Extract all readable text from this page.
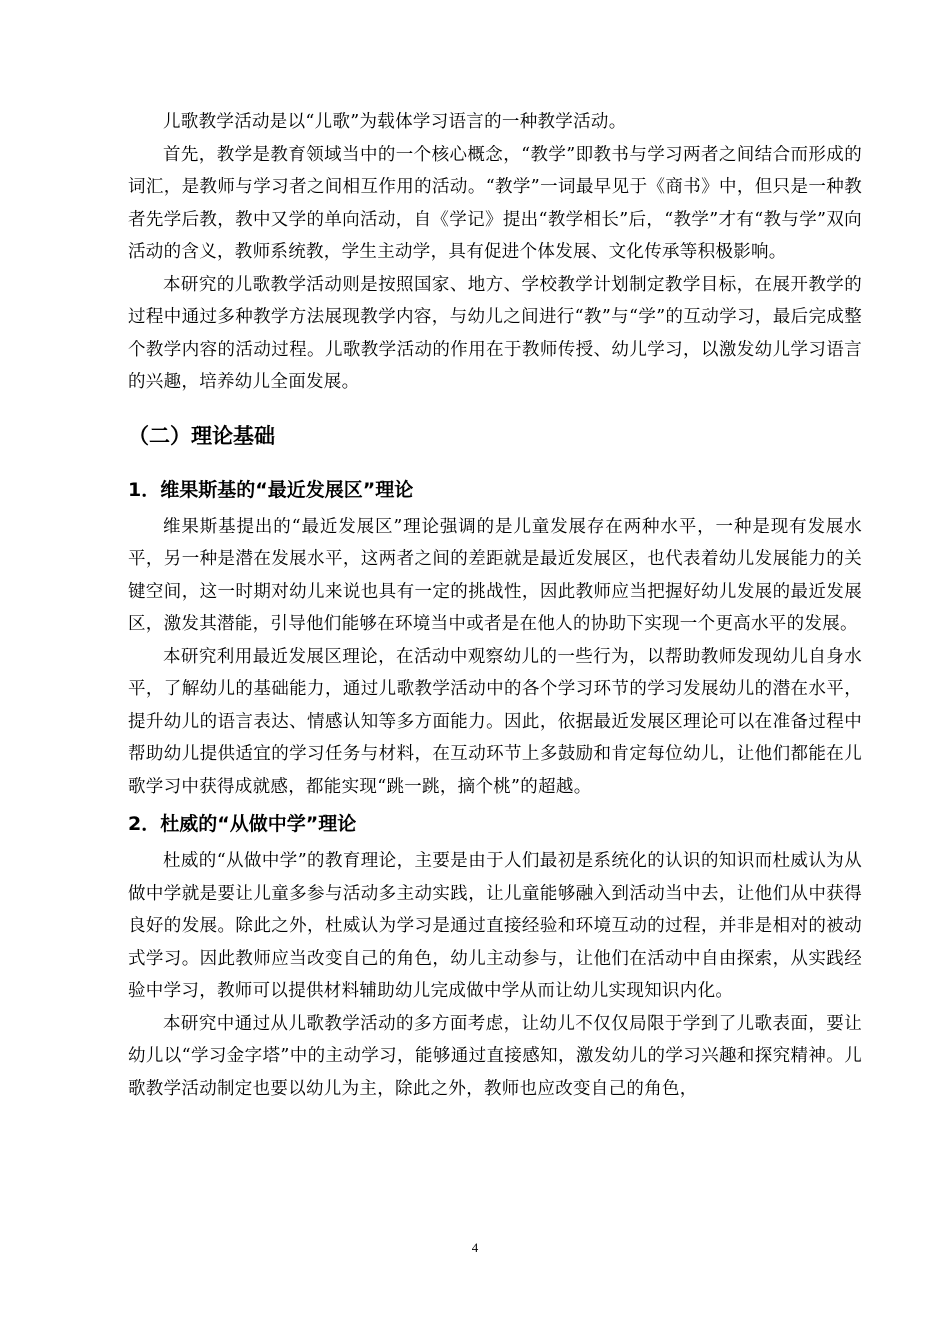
儿歌教学活动是以“儿歌”为载体学习语言的一种教学活动。

首先，教学是教育领域当中的一个核心概念，“教学”即教书与学习两者之间结合而形成的词汇，是教师与学习者之间相互作用的活动。“教学”一词最早见于《商书》中，但只是一种教者先学后教，教中又学的单向活动，自《学记》提出“教学相长”后，“教学”才有“教与学”双向活动的含义，教师系统教，学生主动学，具有促进个体发展、文化传承等积极影响。

本研究的儿歌教学活动则是按照国家、地方、学校教学计划制定教学目标，在展开教学的过程中通过多种教学方法展现教学内容，与幼儿之间进行“教”与“学”的互动学习，最后完成整个教学内容的活动过程。儿歌教学活动的作用在于教师传授、幼儿学习，以激发幼儿学习语言的兴趣，培养幼儿全面发展。

（二）理论基础
1．维果斯基的“最近发展区”理论

维果斯基提出的“最近发展区”理论强调的是儿童发展存在两种水平，一种是现有发展水平，另一种是潜在发展水平，这两者之间的差距就是最近发展区，也代表着幼儿发展能力的关键空间，这一时期对幼儿来说也具有一定的挑战性，因此教师应当把握好幼儿发展的最近发展区，激发其潜能，引导他们能够在环境当中或者是在他人的协助下实现一个更高水平的发展。

本研究利用最近发展区理论，在活动中观察幼儿的一些行为，以帮助教师发现幼儿自身水平，了解幼儿的基础能力，通过儿歌教学活动中的各个学习环节的学习发展幼儿的潜在水平，提升幼儿的语言表达、情感认知等多方面能力。因此，依据最近发展区理论可以在准备过程中帮助幼儿提供适宜的学习任务与材料，在互动环节上多鼓励和肯定每位幼儿，让他们都能在儿歌学习中获得成就感，都能实现“跳一跳，摘个桃”的超越。

2．杜威的“从做中学”理论

杜威的“从做中学”的教育理论，主要是由于人们最初是系统化的认识的知识而杜威认为从做中学就是要让儿童多参与活动多主动实践，让儿童能够融入到活动当中去，让他们从中获得良好的发展。除此之外，杜威认为学习是通过直接经验和环境互动的过程，并非是相对的被动式学习。因此教师应当改变自己的角色，幼儿主动参与，让他们在活动中自由探索，从实践经验中学习，教师可以提供材料辅助幼儿完成做中学从而让幼儿实现知识内化。

本研究中通过从儿歌教学活动的多方面考虑，让幼儿不仅仅局限于学到了儿歌表面，要让幼儿以“学习金字塔”中的主动学习，能够通过直接感知，激发幼儿的学习兴趣和探究精神。儿歌教学活动制定也要以幼儿为主，除此之外，教师也应改变自己的角色，

4
